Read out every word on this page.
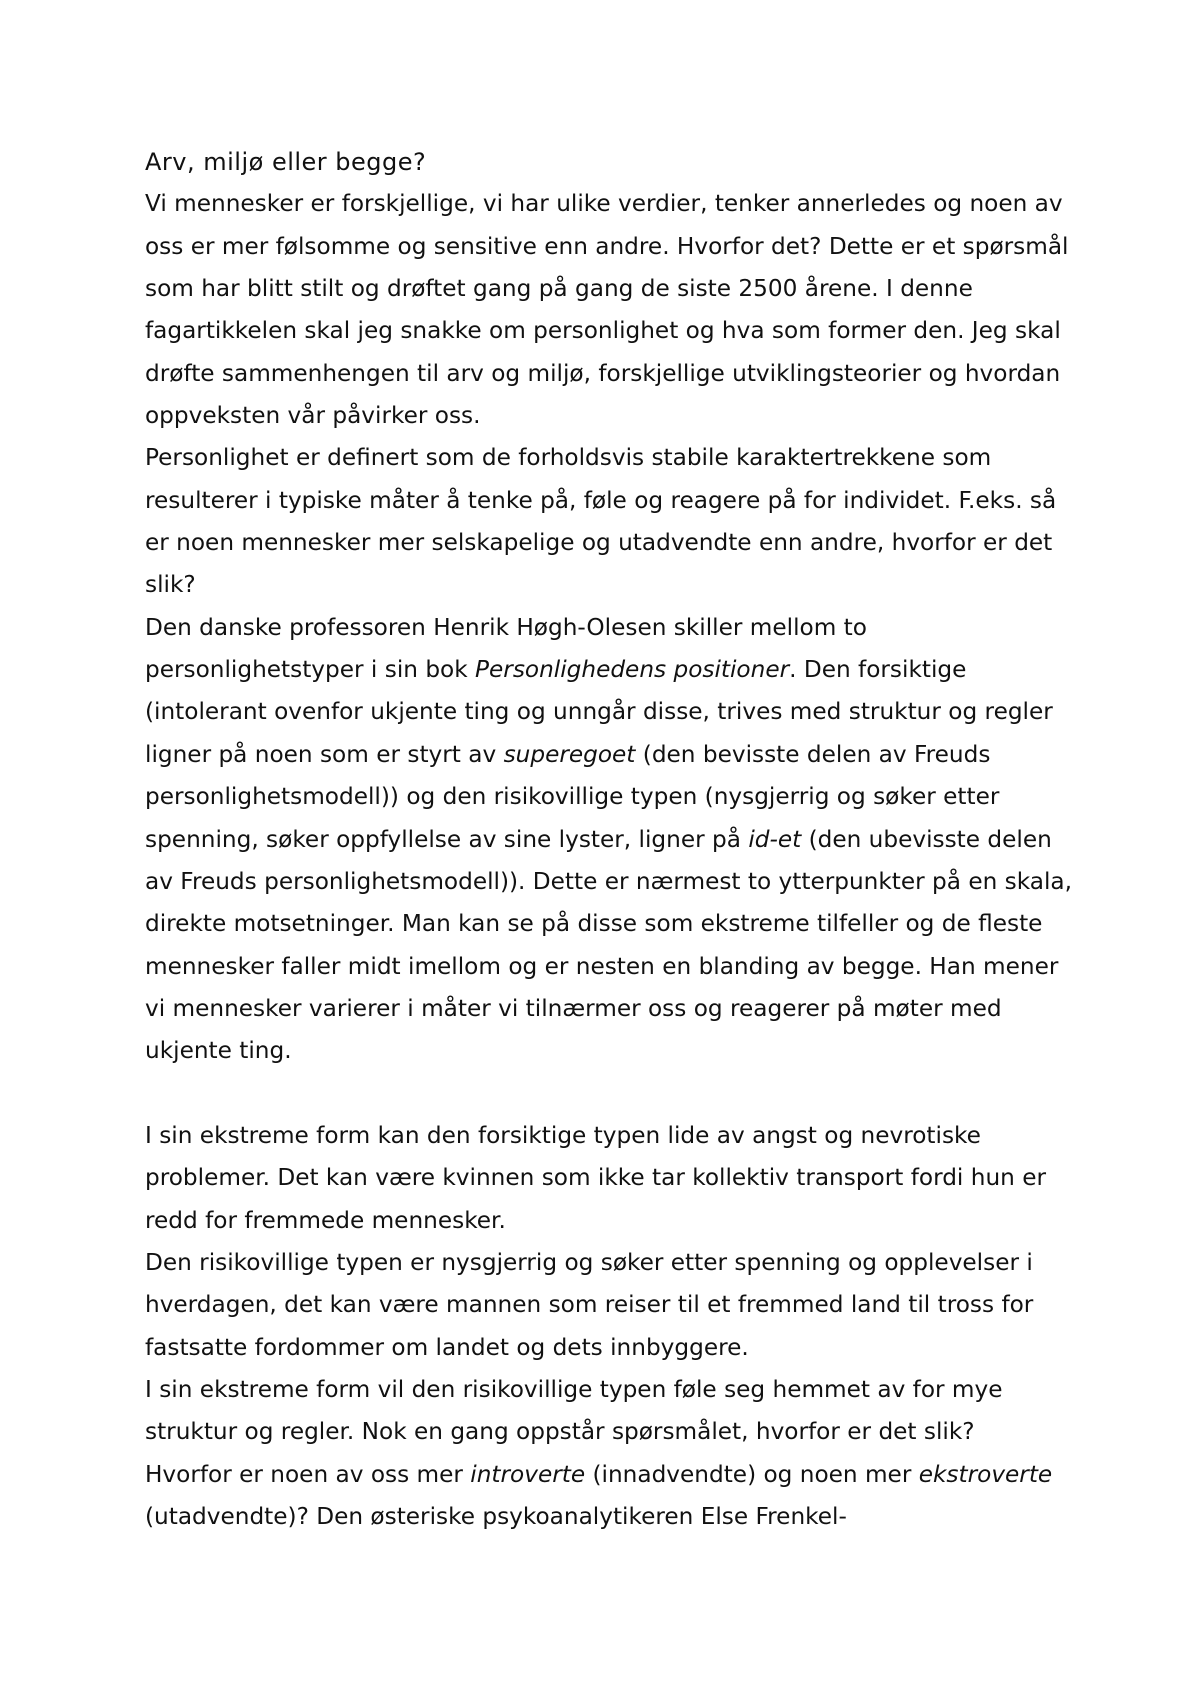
Arv, miljø eller begge?

Vi mennesker er forskjellige, vi har ulike verdier, tenker annerledes og noen av oss er mer følsomme og sensitive enn andre. Hvorfor det? Dette er et spørsmål som har blitt stilt og drøftet gang på gang de siste 2500 årene. I denne fagartikkelen skal jeg snakke om personlighet og hva som former den. Jeg skal drøfte sammenhengen til arv og miljø, forskjellige utviklingsteorier og hvordan oppveksten vår påvirker oss.

Personlighet er definert som de forholdsvis stabile karaktertrekkene som resulterer i typiske måter å tenke på, føle og reagere på for individet. F.eks. så er noen mennesker mer selskapelige og utadvendte enn andre, hvorfor er det slik?

Den danske professoren Henrik Høgh-Olesen skiller mellom to personlighetstyper i sin bok Personlighedens positioner. Den forsiktige (intolerant ovenfor ukjente ting og unngår disse, trives med struktur og regler ligner på noen som er styrt av superegoet (den bevisste delen av Freuds personlighetsmodell)) og den risikovillige typen (nysgjerrig og søker etter spenning, søker oppfyllelse av sine lyster, ligner på id-et (den ubevisste delen av Freuds personlighetsmodell)). Dette er nærmest to ytterpunkter på en skala, direkte motsetninger. Man kan se på disse som ekstreme tilfeller og de fleste mennesker faller midt imellom og er nesten en blanding av begge. Han mener vi mennesker varierer i måter vi tilnærmer oss og reagerer på møter med ukjente ting.

I sin ekstreme form kan den forsiktige typen lide av angst og nevrotiske problemer. Det kan være kvinnen som ikke tar kollektiv transport fordi hun er redd for fremmede mennesker.

Den risikovillige typen er nysgjerrig og søker etter spenning og opplevelser i hverdagen, det kan være mannen som reiser til et fremmed land til tross for fastsatte fordommer om landet og dets innbyggere.

I sin ekstreme form vil den risikovillige typen føle seg hemmet av for mye struktur og regler. Nok en gang oppstår spørsmålet, hvorfor er det slik?

Hvorfor er noen av oss mer introverte (innadvendte) og noen mer ekstroverte (utadvendte)? Den østeriske psykoanalytikeren Else Frenkel-
